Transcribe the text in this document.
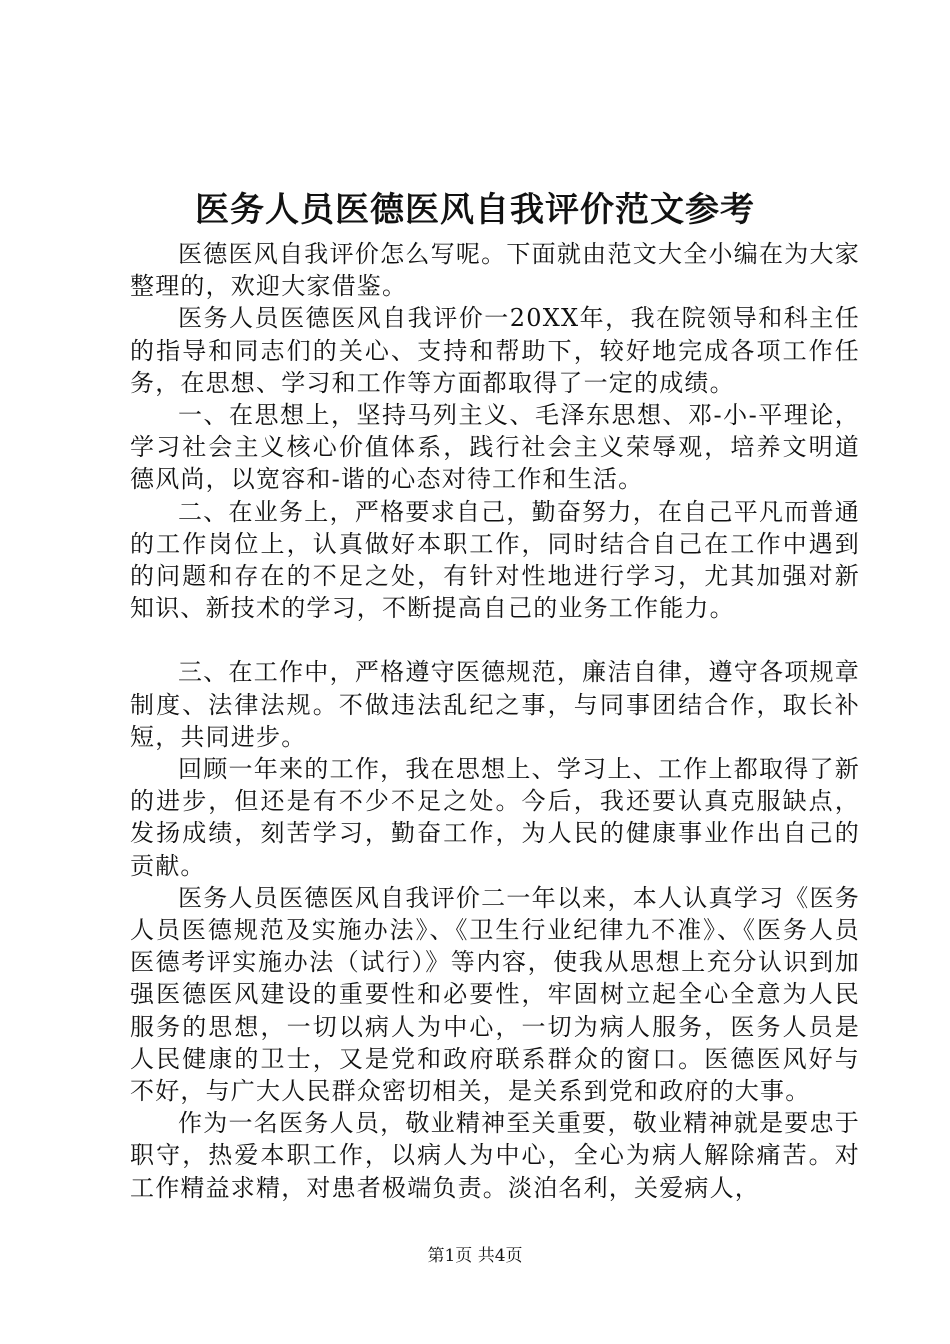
医务人员医德医风自我评价范文参考

医德医风自我评价怎么写呢。下面就由范文大全小编在为大家整理的，欢迎大家借鉴。

医务人员医德医风自我评价一20XX年，我在院领导和科主任的指导和同志们的关心、支持和帮助下，较好地完成各项工作任务，在思想、学习和工作等方面都取得了一定的成绩。

一、在思想上，坚持马列主义、毛泽东思想、邓-小-平理论，学习社会主义核心价值体系，践行社会主义荣辱观，培养文明道德风尚，以宽容和-谐的心态对待工作和生活。

二、在业务上，严格要求自己，勤奋努力，在自己平凡而普通的工作岗位上，认真做好本职工作，同时结合自己在工作中遇到的问题和存在的不足之处，有针对性地进行学习，尤其加强对新知识、新技术的学习，不断提高自己的业务工作能力。

三、在工作中，严格遵守医德规范，廉洁自律，遵守各项规章制度、法律法规。不做违法乱纪之事，与同事团结合作，取长补短，共同进步。

回顾一年来的工作，我在思想上、学习上、工作上都取得了新的进步，但还是有不少不足之处。今后，我还要认真克服缺点，发扬成绩，刻苦学习，勤奋工作，为人民的健康事业作出自己的贡献。

医务人员医德医风自我评价二一年以来，本人认真学习《医务人员医德规范及实施办法》、《卫生行业纪律九不准》、《医务人员医德考评实施办法（试行）》等内容，使我从思想上充分认识到加强医德医风建设的重要性和必要性，牢固树立起全心全意为人民服务的思想，一切以病人为中心，一切为病人服务，医务人员是人民健康的卫士，又是党和政府联系群众的窗口。医德医风好与不好，与广大人民群众密切相关，是关系到党和政府的大事。

作为一名医务人员，敬业精神至关重要，敬业精神就是要忠于职守，热爱本职工作，以病人为中心，全心为病人解除痛苦。对工作精益求精，对患者极端负责。淡泊名利，关爱病人，

第1页 共4页
